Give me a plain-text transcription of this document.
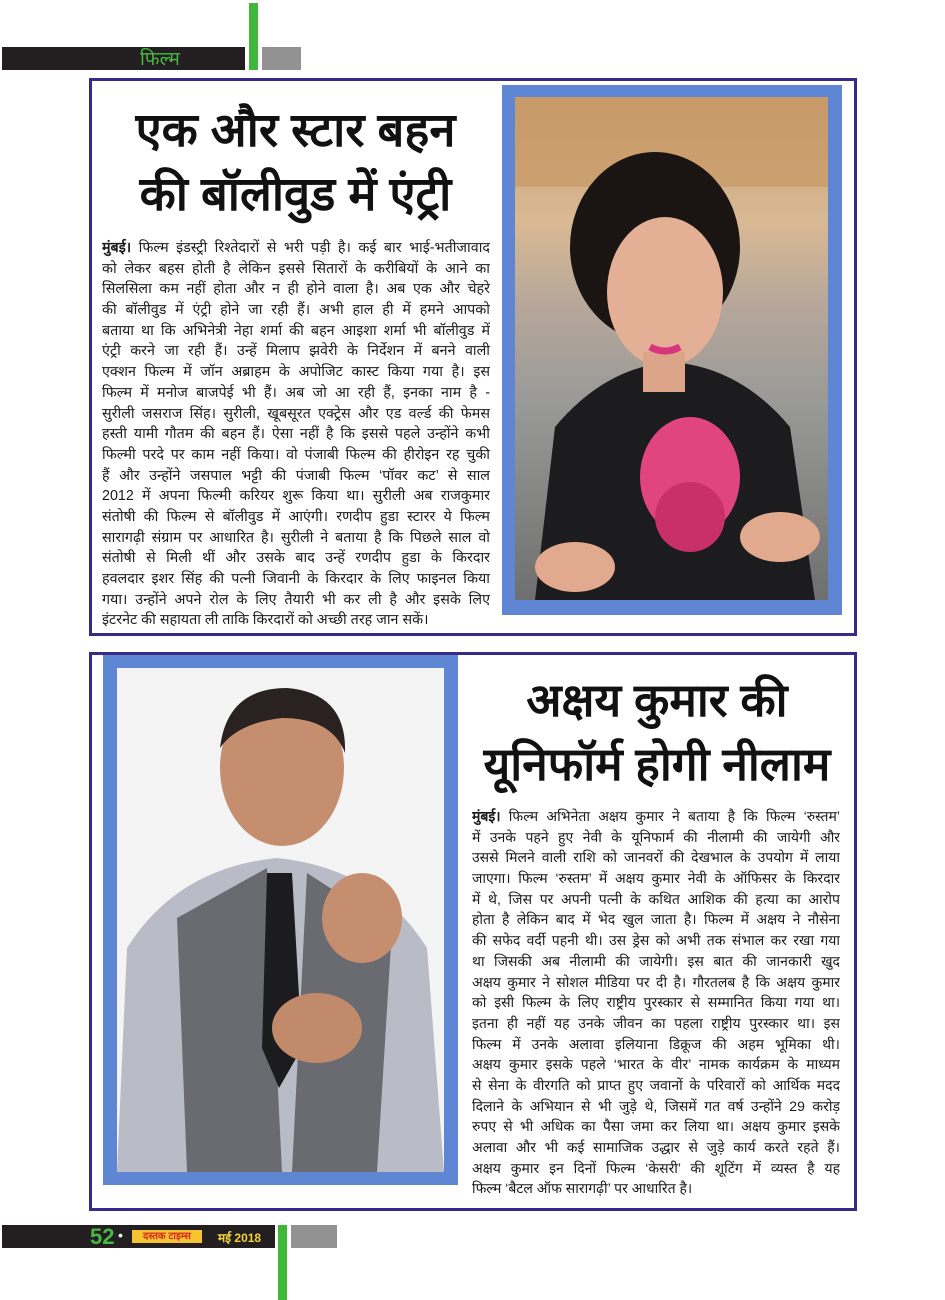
फिल्म
एक और स्टार बहन
की बॉलीवुड में एंट्री
मुंबई। फिल्म इंडस्ट्री रिश्तेदारों से भरी पड़ी है। कई बार भाई-भतीजावाद
को लेकर बहस होती है लेकिन इससे सितारों के करीबियों के आने का
सिलसिला कम नहीं होता और न ही होने वाला है। अब एक और चेहरे
की बॉलीवुड में एंट्री होने जा रही हैं। अभी हाल ही में हमने आपको
बताया था कि अभिनेत्री नेहा शर्मा की बहन आइशा शर्मा भी बॉलीवुड में
एंट्री करने जा रही हैं। उन्हें मिलाप झवेरी के निर्देशन में बनने वाली
एक्शन फिल्म में जॉन अब्राहम के अपोजिट कास्ट किया गया है। इस
फिल्म में मनोज बाजपेई भी हैं। अब जो आ रही हैं, इनका नाम है -
सुरीली जसराज सिंह। सुरीली, खूबसूरत एक्ट्रेस और एड वर्ल्ड की फेमस
हस्ती यामी गौतम की बहन हैं। ऐसा नहीं है कि इससे पहले उन्होंने कभी
फिल्मी परदे पर काम नहीं किया। वो पंजाबी फिल्म की हीरोइन रह चुकी
हैं और उन्होंने जसपाल भट्टी की पंजाबी फिल्म ‘पॉवर कट’ से साल
2012 में अपना फिल्मी करियर शुरू किया था। सुरीली अब राजकुमार
संतोषी की फिल्म से बॉलीवुड में आएंगी। रणदीप हुडा स्टारर ये फिल्म
सारागढ़ी संग्राम पर आधारित है। सुरीली ने बताया है कि पिछले साल वो
संतोषी से मिली थीं और उसके बाद उन्हें रणदीप हुडा के किरदार
हवलदार इशर सिंह की पत्नी जिवानी के किरदार के लिए फाइनल किया
गया। उन्होंने अपने रोल के लिए तैयारी भी कर ली है और इसके लिए
इंटरनेट की सहायता ली ताकि किरदारों को अच्छी तरह जान सकें।
अक्षय कुमार की
यूनिफॉर्म होगी नीलाम
मुंबई। फिल्म अभिनेता अक्षय कुमार ने बताया है कि फिल्म ‘रुस्तम’
में उनके पहने हुए नेवी के यूनिफार्म की नीलामी की जायेगी और
उससे मिलने वाली राशि को जानवरों की देखभाल के उपयोग में लाया
जाएगा। फिल्म ‘रुस्तम’ में अक्षय कुमार नेवी के ऑफिसर के किरदार
में थे, जिस पर अपनी पत्नी के कथित आशिक की हत्या का आरोप
होता है लेकिन बाद में भेद खुल जाता है। फिल्म में अक्षय ने नौसेना
की सफेद वर्दी पहनी थी। उस ड्रेस को अभी तक संभाल कर रखा गया
था जिसकी अब नीलामी की जायेगी। इस बात की जानकारी खुद
अक्षय कुमार ने सोशल मीडिया पर दी है। गौरतलब है कि अक्षय कुमार
को इसी फिल्म के लिए राष्ट्रीय पुरस्कार से सम्मानित किया गया था।
इतना ही नहीं यह उनके जीवन का पहला राष्ट्रीय पुरस्कार था। इस
फिल्म में उनके अलावा इलियाना डिक्रूज की अहम भूमिका थी।
अक्षय कुमार इसके पहले ‘भारत के वीर’ नामक कार्यक्रम के माध्यम
से सेना के वीरगति को प्राप्त हुए जवानों के परिवारों को आर्थिक मदद
दिलाने के अभियान से भी जुड़े थे, जिसमें गत वर्ष उन्होंने 29 करोड़
रुपए से भी अधिक का पैसा जमा कर लिया था। अक्षय कुमार इसके
अलावा और भी कई सामाजिक उद्धार से जुड़े कार्य करते रहते हैं।
अक्षय कुमार इन दिनों फिल्म ‘केसरी’ की शूटिंग में व्यस्त है यह
फिल्म ‘बैटल ऑफ सारागढ़ी’ पर आधारित है।
52 •	दस्तक टाइम्स	मई 2018
